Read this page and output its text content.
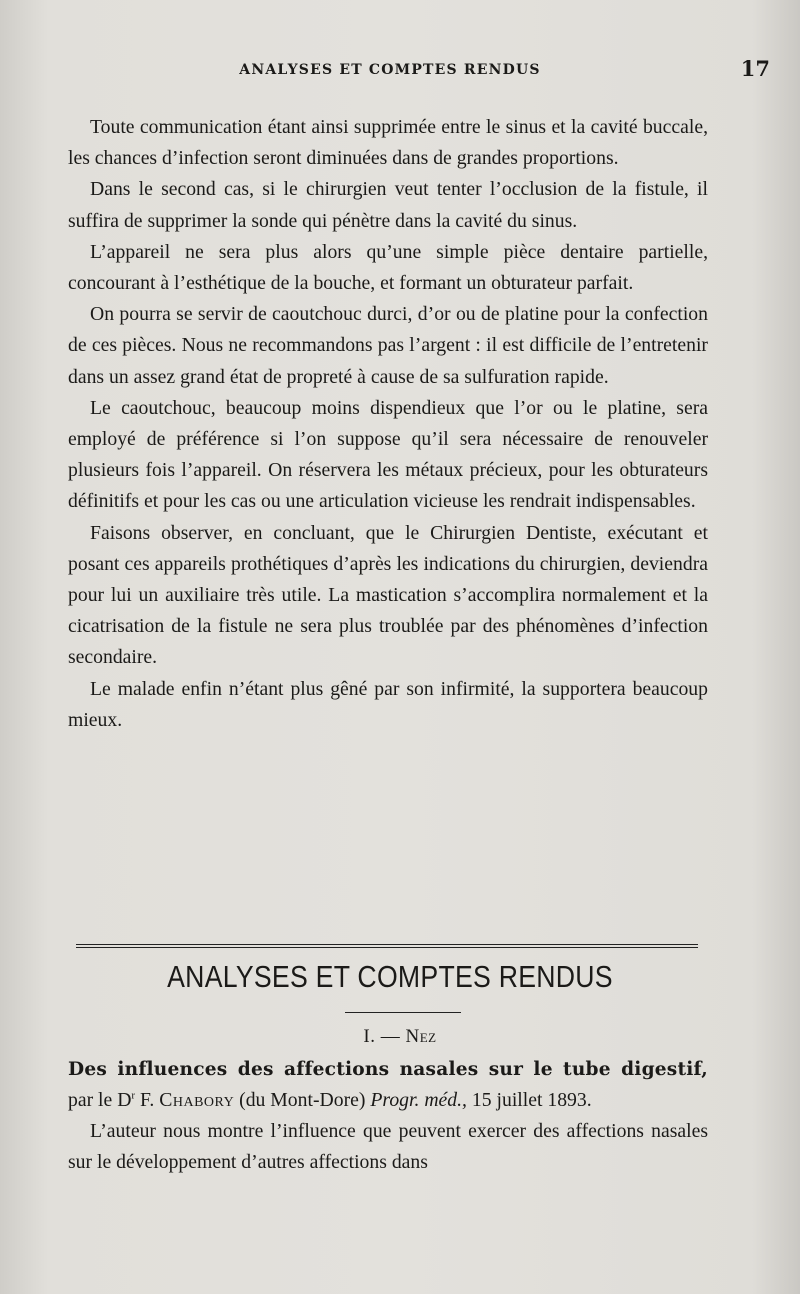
ANALYSES ET COMPTES RENDUS	17

Toute communication étant ainsi supprimée entre le sinus et la cavité buccale, les chances d’infection seront diminuées dans de grandes proportions.

Dans le second cas, si le chirurgien veut tenter l’occlusion de la fistule, il suffira de supprimer la sonde qui pénètre dans la cavité du sinus.

L’appareil ne sera plus alors qu’une simple pièce dentaire partielle, concourant à l’esthétique de la bouche, et formant un obturateur parfait.

On pourra se servir de caoutchouc durci, d’or ou de platine pour la confection de ces pièces. Nous ne recommandons pas l’argent : il est difficile de l’entretenir dans un assez grand état de propreté à cause de sa sulfuration rapide.

Le caoutchouc, beaucoup moins dispendieux que l’or ou le platine, sera employé de préférence si l’on suppose qu’il sera nécessaire de renouveler plusieurs fois l’appareil. On réservera les métaux précieux, pour les obturateurs définitifs et pour les cas ou une articulation vicieuse les rendrait indispensables.

Faisons observer, en concluant, que le Chirurgien Dentiste, exécutant et posant ces appareils prothétiques d’après les indications du chirurgien, deviendra pour lui un auxiliaire très utile. La mastication s’accomplira normalement et la cicatrisation de la fistule ne sera plus troublée par des phénomènes d’infection secondaire.

Le malade enfin n’étant plus gêné par son infirmité, la supportera beaucoup mieux.

ANALYSES ET COMPTES RENDUS
I. — Nez

Des influences des affections nasales sur le tube digestif, par le $D^r$ F. Chabory (du Mont-Dore) Progr. méd., 15 juillet 1893.

L’auteur nous montre l’influence que peuvent exercer des affections nasales sur le développement d’autres affections dans
